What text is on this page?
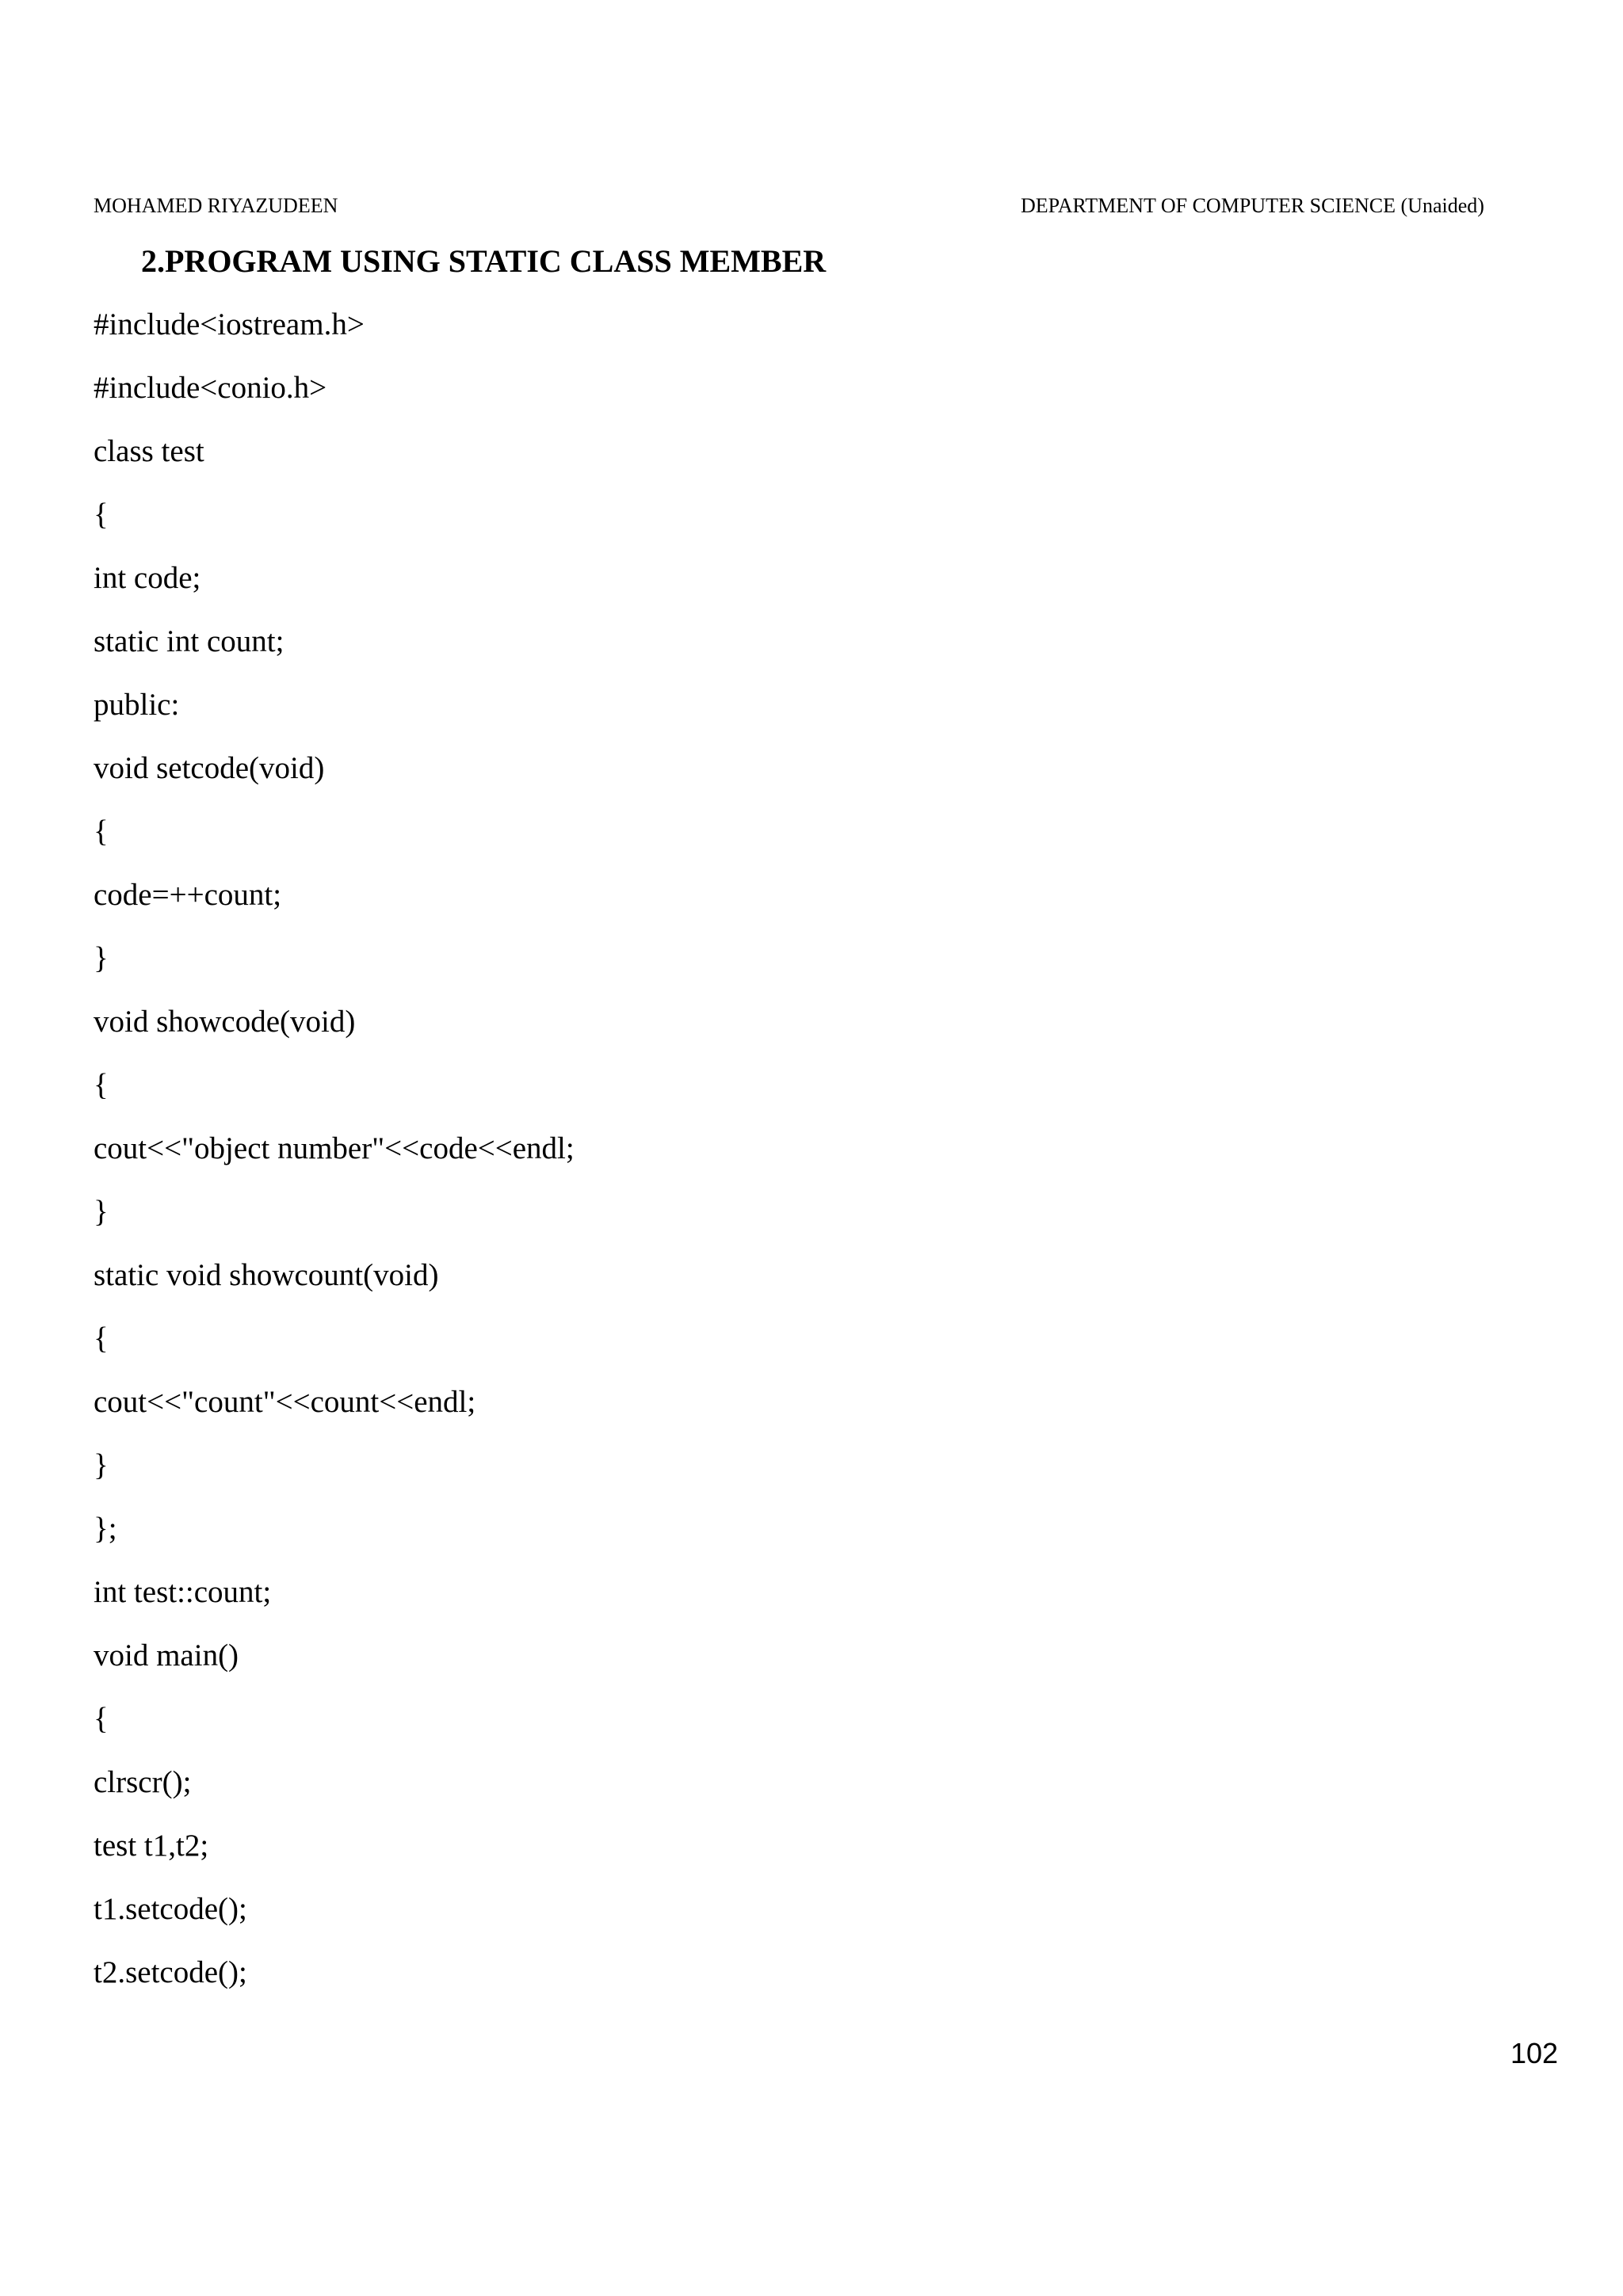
MOHAMED RIYAZUDEEN	DEPARTMENT OF COMPUTER SCIENCE (Unaided)
2.PROGRAM USING STATIC CLASS MEMBER
#include<iostream.h>
#include<conio.h>
class test
{
int code;
static int count;
public:
void setcode(void)
{
code=++count;
}
void showcode(void)
{
cout<<"object number"<<code<<endl;
}
static void showcount(void)
{
cout<<"count"<<count<<endl;
}
};
int test::count;
void main()
{
clrscr();
test t1,t2;
t1.setcode();
t2.setcode();
102
